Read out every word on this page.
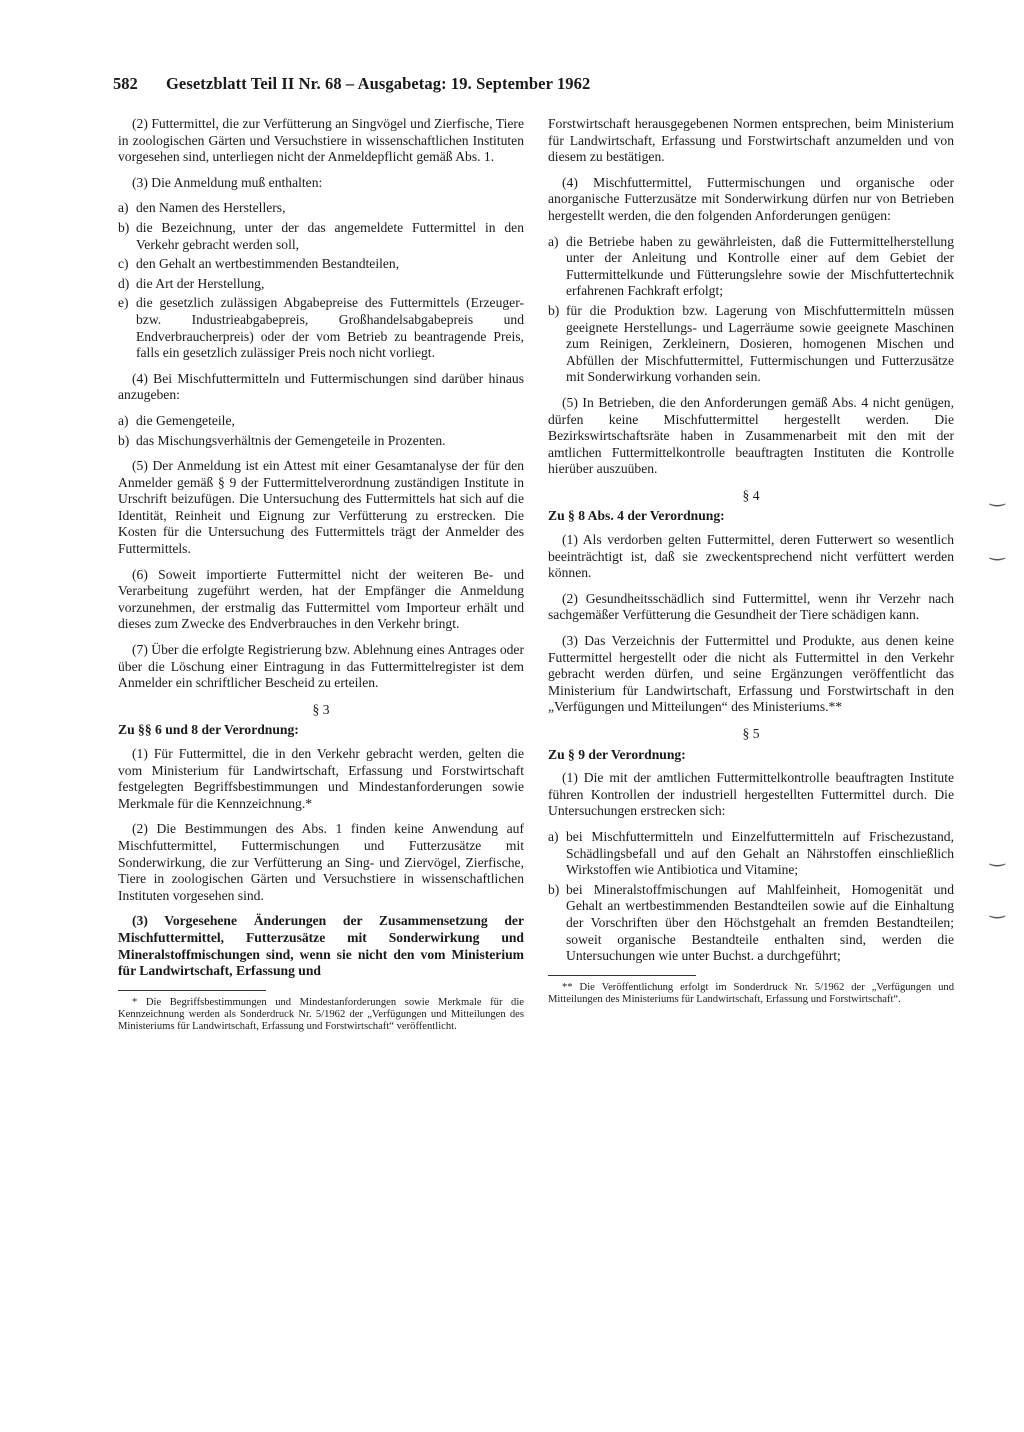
582 Gesetzblatt Teil II Nr. 68 – Ausgabetag: 19. September 1962

(2) Futtermittel, die zur Verfütterung an Singvögel und Zierfische, Tiere in zoologischen Gärten und Versuchstiere in wissenschaftlichen Instituten vorgesehen sind, unterliegen nicht der Anmeldepflicht gemäß Abs. 1.

(3) Die Anmeldung muß enthalten:

a) den Namen des Herstellers,
b) die Bezeichnung, unter der das angemeldete Futtermittel in den Verkehr gebracht werden soll,
c) den Gehalt an wertbestimmenden Bestandteilen,
d) die Art der Herstellung,
e) die gesetzlich zulässigen Abgabepreise des Futtermittels (Erzeuger- bzw. Industrieabgabepreis, Großhandelsabgabepreis und Endverbraucherpreis) oder der vom Betrieb zu beantragende Preis, falls ein gesetzlich zulässiger Preis noch nicht vorliegt.

(4) Bei Mischfuttermitteln und Futtermischungen sind darüber hinaus anzugeben:

a) die Gemengeteile,
b) das Mischungsverhältnis der Gemengeteile in Prozenten.

(5) Der Anmeldung ist ein Attest mit einer Gesamtanalyse der für den Anmelder gemäß § 9 der Futtermittelverordnung zuständigen Institute in Urschrift beizufügen. Die Untersuchung des Futtermittels hat sich auf die Identität, Reinheit und Eignung zur Verfütterung zu erstrecken. Die Kosten für die Untersuchung des Futtermittels trägt der Anmelder des Futtermittels.

(6) Soweit importierte Futtermittel nicht der weiteren Be- und Verarbeitung zugeführt werden, hat der Empfänger die Anmeldung vorzunehmen, der erstmalig das Futtermittel vom Importeur erhält und dieses zum Zwecke des Endverbrauches in den Verkehr bringt.

(7) Über die erfolgte Registrierung bzw. Ablehnung eines Antrages oder über die Löschung einer Eintragung in das Futtermittelregister ist dem Anmelder ein schriftlicher Bescheid zu erteilen.

§ 3
Zu §§ 6 und 8 der Verordnung:

(1) Für Futtermittel, die in den Verkehr gebracht werden, gelten die vom Ministerium für Landwirtschaft, Erfassung und Forstwirtschaft festgelegten Begriffsbestimmungen und Mindestanforderungen sowie Merkmale für die Kennzeichnung.*

(2) Die Bestimmungen des Abs. 1 finden keine Anwendung auf Mischfuttermittel, Futtermischungen und Futterzusätze mit Sonderwirkung, die zur Verfütterung an Sing- und Ziervögel, Zierfische, Tiere in zoologischen Gärten und Versuchstiere in wissenschaftlichen Instituten vorgesehen sind.

(3) Vorgesehene Änderungen der Zusammensetzung der Mischfuttermittel, Futterzusätze mit Sonderwirkung und Mineralstoffmischungen sind, wenn sie nicht den vom Ministerium für Landwirtschaft, Erfassung und

* Die Begriffsbestimmungen und Mindestanforderungen sowie Merkmale für die Kennzeichnung werden als Sonderdruck Nr. 5/1962 der „Verfügungen und Mitteilungen des Ministeriums für Landwirtschaft, Erfassung und Forstwirtschaft“ veröffentlicht.

Forstwirtschaft herausgegebenen Normen entsprechen, beim Ministerium für Landwirtschaft, Erfassung und Forstwirtschaft anzumelden und von diesem zu bestätigen.

(4) Mischfuttermittel, Futtermischungen und organische oder anorganische Futterzusätze mit Sonderwirkung dürfen nur von Betrieben hergestellt werden, die den folgenden Anforderungen genügen:

a) die Betriebe haben zu gewährleisten, daß die Futtermittelherstellung unter der Anleitung und Kontrolle einer auf dem Gebiet der Futtermittelkunde und Fütterungslehre sowie der Mischfuttertechnik erfahrenen Fachkraft erfolgt;
b) für die Produktion bzw. Lagerung von Mischfuttermitteln müssen geeignete Herstellungs- und Lagerräume sowie geeignete Maschinen zum Reinigen, Zerkleinern, Dosieren, homogenen Mischen und Abfüllen der Mischfuttermittel, Futtermischungen und Futterzusätze mit Sonderwirkung vorhanden sein.

(5) In Betrieben, die den Anforderungen gemäß Abs. 4 nicht genügen, dürfen keine Mischfuttermittel hergestellt werden. Die Bezirkswirtschaftsräte haben in Zusammenarbeit mit den mit der amtlichen Futtermittelkontrolle beauftragten Instituten die Kontrolle hierüber auszuüben.

§ 4
Zu § 8 Abs. 4 der Verordnung:

(1) Als verdorben gelten Futtermittel, deren Futterwert so wesentlich beeinträchtigt ist, daß sie zweckentsprechend nicht verfüttert werden können.

(2) Gesundheitsschädlich sind Futtermittel, wenn ihr Verzehr nach sachgemäßer Verfütterung die Gesundheit der Tiere schädigen kann.

(3) Das Verzeichnis der Futtermittel und Produkte, aus denen keine Futtermittel hergestellt oder die nicht als Futtermittel in den Verkehr gebracht werden dürfen, und seine Ergänzungen veröffentlicht das Ministerium für Landwirtschaft, Erfassung und Forstwirtschaft in den „Verfügungen und Mitteilungen“ des Ministeriums.**

§ 5
Zu § 9 der Verordnung:

(1) Die mit der amtlichen Futtermittelkontrolle beauftragten Institute führen Kontrollen der industriell hergestellten Futtermittel durch. Die Untersuchungen erstrecken sich:

a) bei Mischfuttermitteln und Einzelfuttermitteln auf Frischezustand, Schädlingsbefall und auf den Gehalt an Nährstoffen einschließlich Wirkstoffen wie Antibiotica und Vitamine;
b) bei Mineralstoffmischungen auf Mahlfeinheit, Homogenität und Gehalt an wertbestimmenden Bestandteilen sowie auf die Einhaltung der Vorschriften über den Höchstgehalt an fremden Bestandteilen; soweit organische Bestandteile enthalten sind, werden die Untersuchungen wie unter Buchst. a durchgeführt;

** Die Veröffentlichung erfolgt im Sonderdruck Nr. 5/1962 der „Verfügungen und Mitteilungen des Ministeriums für Landwirtschaft, Erfassung und Forstwirtschaft“.

‿
‿
‿
‿
